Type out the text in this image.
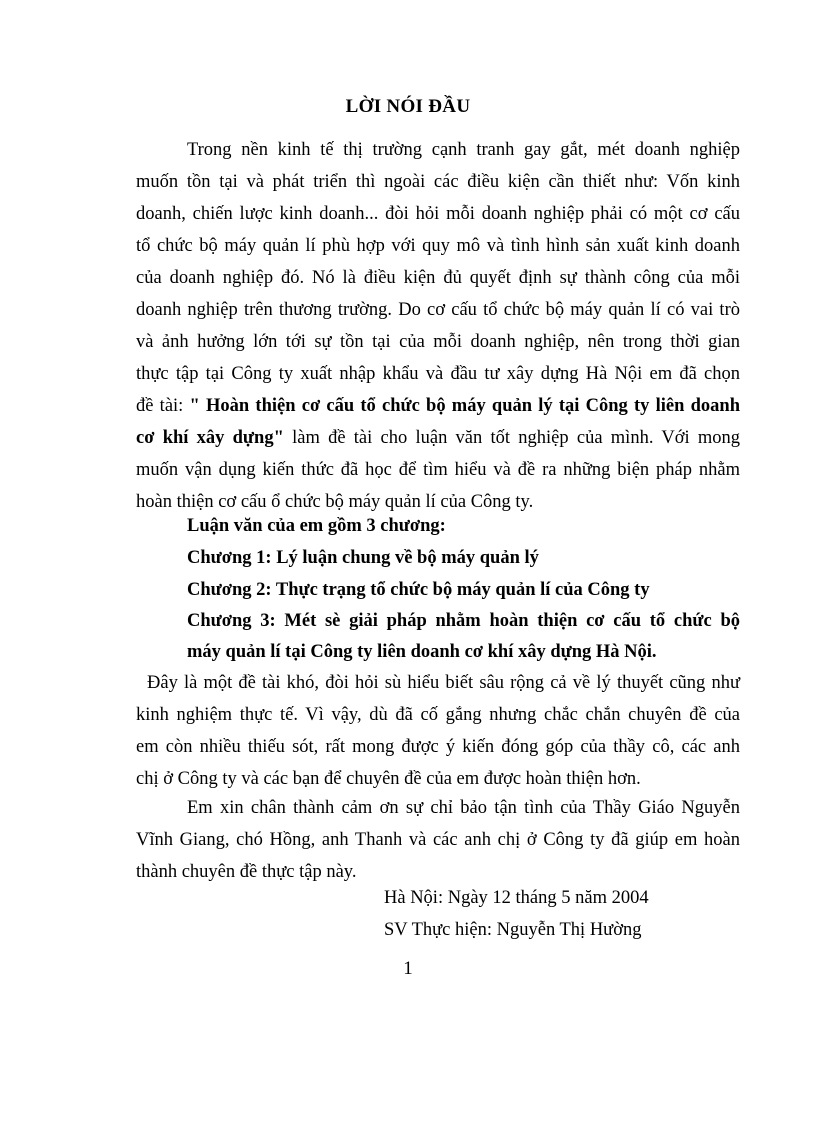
LỜI NÓI ĐẦU
Trong nền kinh tế thị trường cạnh tranh gay gắt, mét doanh nghiệp
muốn tồn tại và phát triển thì ngoài các điều kiện cần thiết như: Vốn kinh
doanh, chiến lược kinh doanh... đòi hỏi mỗi doanh nghiệp phải có một cơ cấu
tổ chức bộ máy quản lí phù hợp với quy mô và tình hình sản xuất kinh doanh
của doanh nghiệp đó. Nó là điều kiện đủ quyết định sự thành công của mỗi
doanh nghiệp trên thương trường. Do cơ cấu tổ chức bộ máy quản lí có vai trò
và ảnh hưởng lớn tới sự tồn tại của mỗi doanh nghiệp, nên trong thời gian
thực tập tại Công ty xuất nhập khẩu và đầu tư xây dựng Hà Nội em đã chọn
đề tài: " Hoàn thiện cơ cấu tổ chức bộ máy quản lý tại Công ty liên doanh
cơ khí xây dựng" làm đề tài cho luận văn tốt nghiệp của mình. Với mong
muốn vận dụng kiến thức đã học để tìm hiểu và đề ra những biện pháp nhằm
hoàn thiện cơ cấu ổ chức bộ máy quản lí của Công ty.
Luận văn của em gồm 3 chương:
Chương 1: Lý luận chung về bộ máy quản lý
Chương 2: Thực trạng tổ chức bộ máy quản lí của Công ty
Chương 3: Mét sè giải pháp nhằm hoàn thiện cơ cấu tổ chức bộ
máy quản lí tại Công ty liên doanh cơ khí xây dựng Hà Nội.
Đây là một đề tài khó, đòi hỏi sù hiểu biết sâu rộng cả về lý thuyết cũng như
kinh nghiệm thực tế. Vì vậy, dù đã cố gắng nhưng chắc chắn chuyên đề của
em còn nhiều thiếu sót, rất mong được ý kiến đóng góp của thầy cô, các anh
chị ở Công ty và các bạn để chuyên đề của em được hoàn thiện hơn.
Em xin chân thành cảm ơn sự chỉ bảo tận tình của Thầy Giáo Nguyễn
Vĩnh Giang, chó Hồng, anh Thanh và các anh chị ở Công ty đã giúp em hoàn
thành chuyên đề thực tập này.
Hà Nội: Ngày 12 tháng 5 năm 2004
SV Thực hiện: Nguyễn Thị Hường
1
